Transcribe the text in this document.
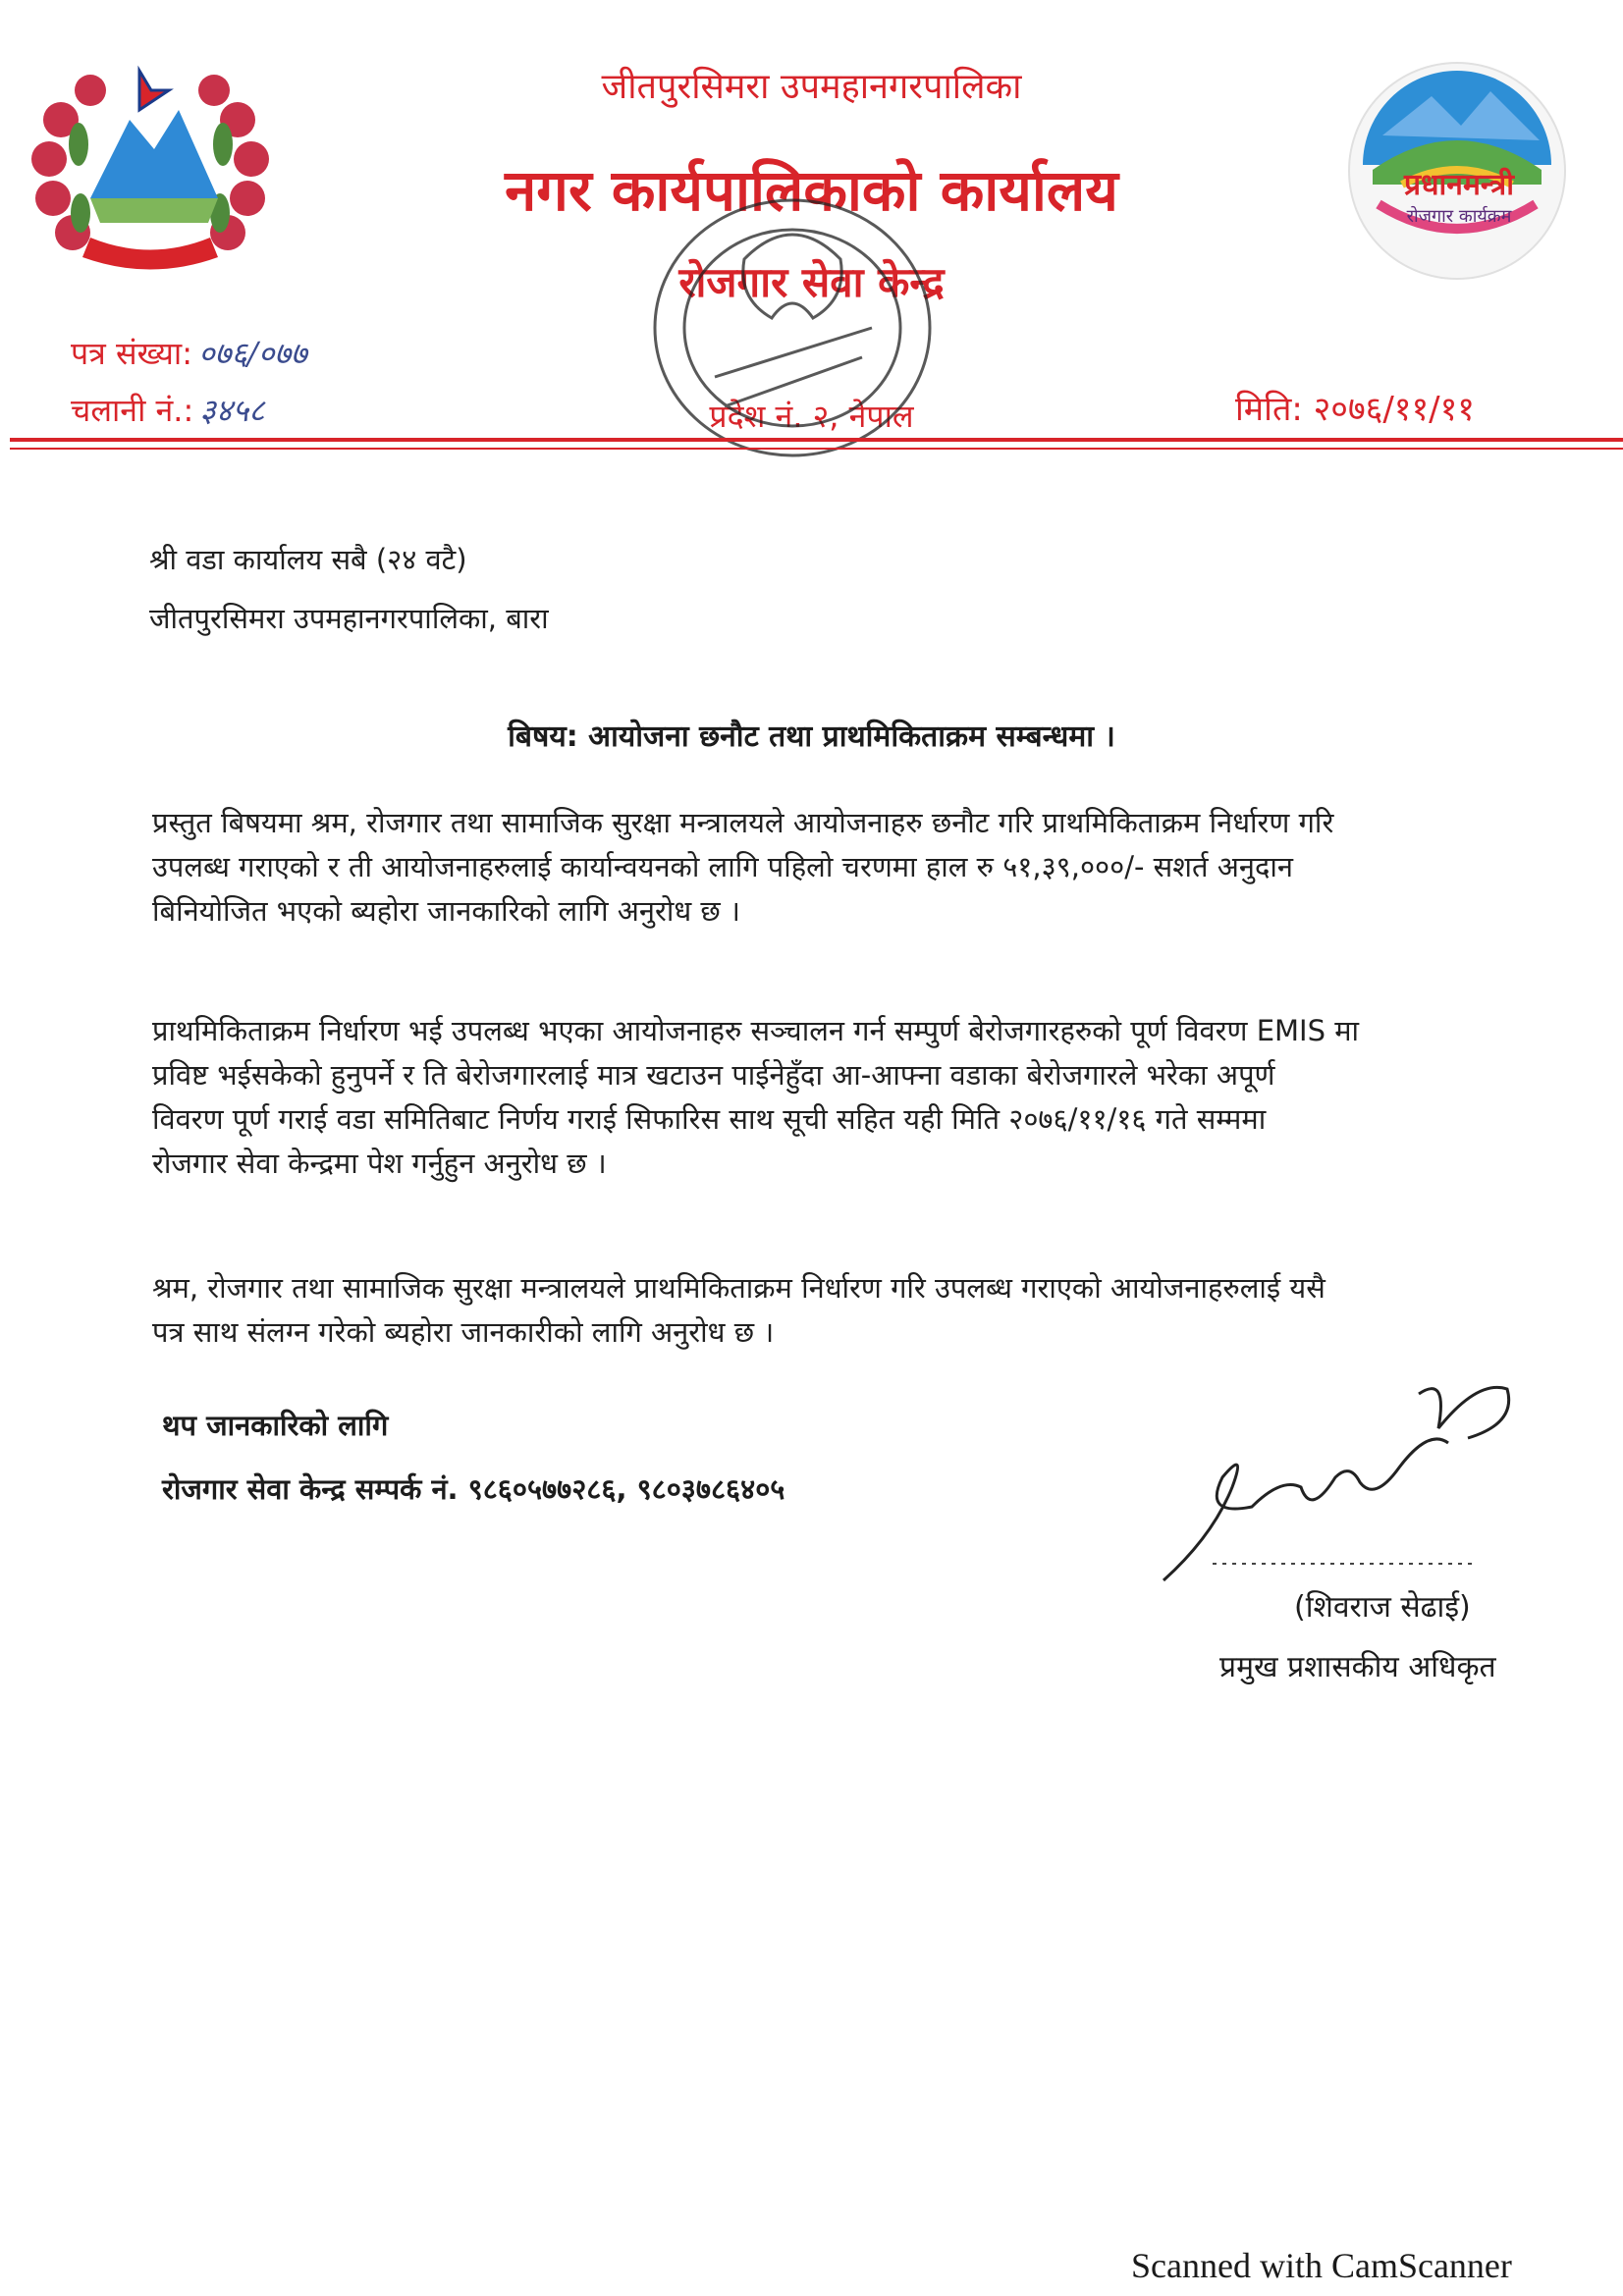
प्रधानमन्त्री
रोजगार कार्यक्रम
जीतपुरसिमरा उपमहानगरपालिका
नगर कार्यपालिकाको कार्यालय
रोजगार सेवा केन्द्र
प्रदेश नं. २, नेपाल
पत्र संख्या: ०७६/०७७
चलानी नं.: ३४५८	मिति: २०७६/११/११
श्री वडा कार्यालय सबै (२४ वटै)
जीतपुरसिमरा उपमहानगरपालिका, बारा
बिषय: आयोजना छनौट तथा प्राथमिकिताक्रम सम्बन्धमा ।
प्रस्तुत बिषयमा श्रम, रोजगार तथा सामाजिक सुरक्षा मन्त्रालयले आयोजनाहरु छनौट गरि प्राथमिकिताक्रम निर्धारण गरि
उपलब्ध गराएको र ती आयोजनाहरुलाई कार्यान्वयनको लागि पहिलो चरणमा हाल रु ५१,३९,०००/- सशर्त अनुदान
बिनियोजित भएको ब्यहोरा जानकारिको लागि अनुरोध छ ।
प्राथमिकिताक्रम निर्धारण भई उपलब्ध भएका आयोजनाहरु सञ्चालन गर्न सम्पुर्ण बेरोजगारहरुको पूर्ण विवरण EMIS मा
प्रविष्ट भईसकेको हुनुपर्ने र ति बेरोजगारलाई मात्र खटाउन पाईनेहुँदा आ-आफ्ना वडाका बेरोजगारले भरेका अपूर्ण
विवरण पूर्ण गराई वडा समितिबाट निर्णय गराई सिफारिस साथ सूची सहित यही मिति २०७६/११/१६ गते सम्ममा
रोजगार सेवा केन्द्रमा पेश गर्नुहुन अनुरोध छ ।
श्रम, रोजगार तथा सामाजिक सुरक्षा मन्त्रालयले प्राथमिकिताक्रम निर्धारण गरि उपलब्ध गराएको आयोजनाहरुलाई यसै
पत्र साथ संलग्न गरेको ब्यहोरा जानकारीको लागि अनुरोध छ ।
थप जानकारिको लागि
रोजगार सेवा केन्द्र सम्पर्क नं. ९८६०५७७२८६, ९८०३७८६४०५
(शिवराज सेढाई)
प्रमुख प्रशासकीय अधिकृत
Scanned with CamScanner
